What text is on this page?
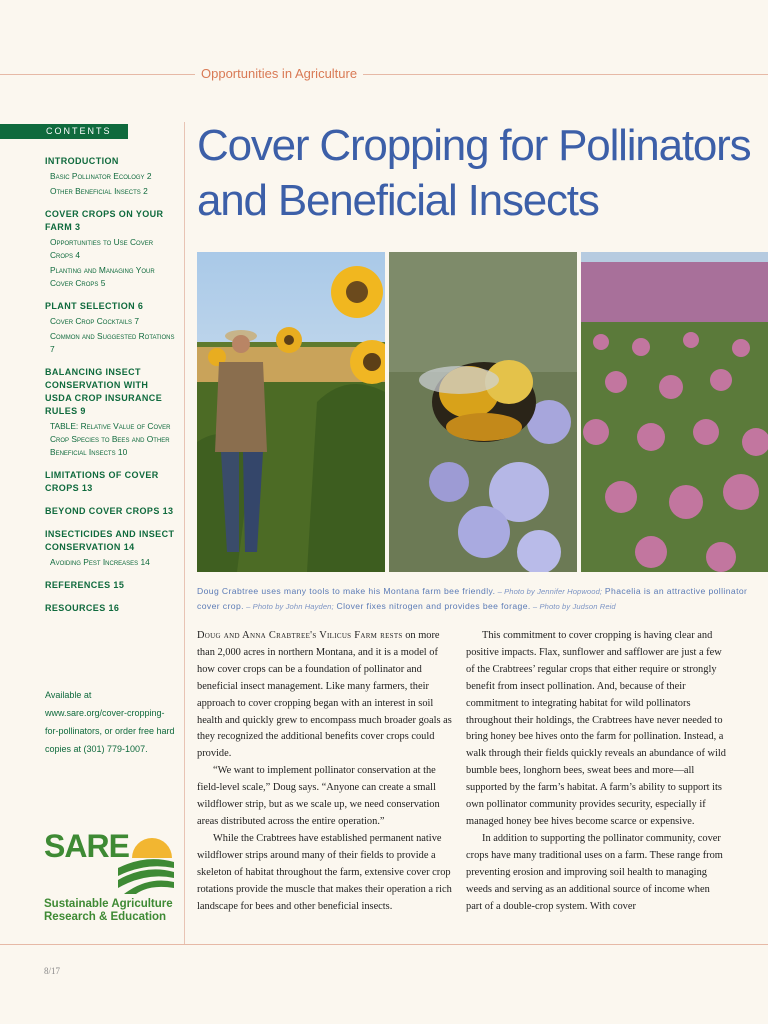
Opportunities in Agriculture
CONTENTS
INTRODUCTION
Basic Pollinator Ecology 2
Other Beneficial Insects 2
COVER CROPS ON YOUR FARM 3
Opportunities to Use Cover Crops 4
Planting and Managing Your Cover Crops 5
PLANT SELECTION 6
Cover Crop Cocktails 7
Common and Suggested Rotations 7
BALANCING INSECT CONSERVATION WITH USDA CROP INSURANCE RULES 9
TABLE: Relative Value of Cover Crop Species to Bees and Other Beneficial Insects 10
LIMITATIONS OF COVER CROPS 13
BEYOND COVER CROPS 13
INSECTICIDES AND INSECT CONSERVATION 14
Avoiding Pest Increases 14
REFERENCES 15
RESOURCES 16
Available at www.sare.org/cover-cropping-for-pollinators, or order free hard copies at (301) 779-1007.
SARE
Sustainable Agriculture
Research & Education
Cover Cropping for Pollinators
and Beneficial Insects
Doug Crabtree uses many tools to make his Montana farm bee friendly. – Photo by Jennifer Hopwood; Phacelia is an attractive pollinator cover crop. – Photo by John Hayden; Clover fixes nitrogen and provides bee forage. – Photo by Judson Reid

Doug and Anna Crabtree's Vilicus Farm rests on more than 2,000 acres in northern Montana, and it is a model of how cover crops can be a foundation of pollinator and beneficial insect management. Like many farmers, their approach to cover cropping began with an interest in soil health and quickly grew to encompass much broader goals as they recognized the additional benefits cover crops could provide.

“We want to implement pollinator conservation at the field-level scale,” Doug says. “Anyone can create a small wildflower strip, but as we scale up, we need conservation areas distributed across the entire operation.”

While the Crabtrees have established permanent native wildflower strips around many of their fields to provide a skeleton of habitat throughout the farm, extensive cover crop rotations provide the muscle that makes their operation a rich landscape for bees and other beneficial insects.

This commitment to cover cropping is having clear and positive impacts. Flax, sunflower and safflower are just a few of the Crabtrees’ regular crops that either require or strongly benefit from insect pollination. And, because of their commitment to integrating habitat for wild pollinators throughout their holdings, the Crabtrees have never needed to bring honey bee hives onto the farm for pollination. Instead, a walk through their fields quickly reveals an abundance of wild bumble bees, longhorn bees, sweat bees and more—all supported by the farm’s habitat. A farm’s ability to support its own pollinator community provides security, especially if managed honey bee hives become scarce or expensive.

In addition to supporting the pollinator community, cover crops have many traditional uses on a farm. These range from preventing erosion and improving soil health to managing weeds and serving as an additional source of income when part of a double-crop system. With cover

8/17
